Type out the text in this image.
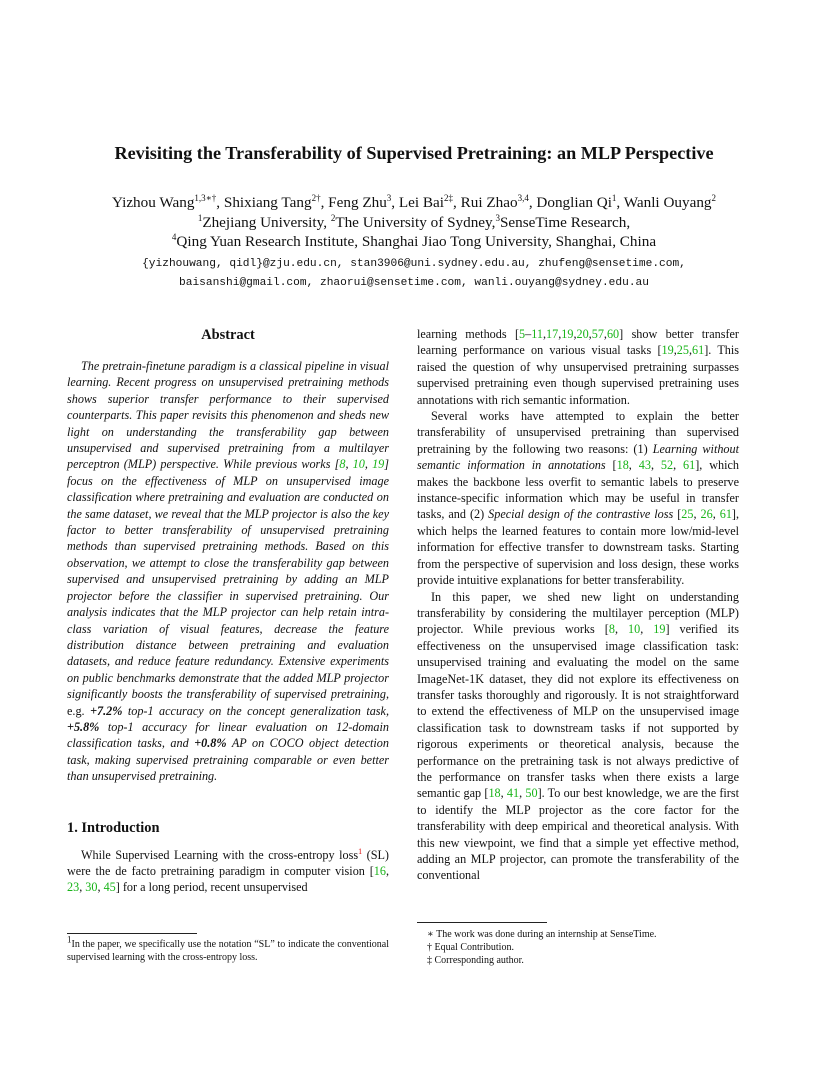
Revisiting the Transferability of Supervised Pretraining: an MLP Perspective
Yizhou Wang$^{1,3∗\dagger}$, Shixiang Tang$^{2\dagger}$, Feng Zhu$^3$, Lei Bai$^{2\ddagger}$, Rui Zhao$^{3,4}$, Donglian Qi$^1$, Wanli Ouyang$^2$
$^1$Zhejiang University, $^2$The University of Sydney,$^3$SenseTime Research,
$^4$Qing Yuan Research Institute, Shanghai Jiao Tong University, Shanghai, China
{yizhouwang, qidl}@zju.edu.cn, stan3906@uni.sydney.edu.au, zhufeng@sensetime.com,
baisanshi@gmail.com, zhaorui@sensetime.com, wanli.ouyang@sydney.edu.au
Abstract

The pretrain-finetune paradigm is a classical pipeline in visual learning. Recent progress on unsupervised pretraining methods shows superior transfer performance to their supervised counterparts. This paper revisits this phenomenon and sheds new light on understanding the transferability gap between unsupervised and supervised pretraining from a multilayer perceptron (MLP) perspective. While previous works [8, 10, 19] focus on the effectiveness of MLP on unsupervised image classification where pretraining and evaluation are conducted on the same dataset, we reveal that the MLP projector is also the key factor to better transferability of unsupervised pretraining methods than supervised pretraining methods. Based on this observation, we attempt to close the transferability gap between supervised and unsupervised pretraining by adding an MLP projector before the classifier in supervised pretraining. Our analysis indicates that the MLP projector can help retain intra-class variation of visual features, decrease the feature distribution distance between pretraining and evaluation datasets, and reduce feature redundancy. Extensive experiments on public benchmarks demonstrate that the added MLP projector significantly boosts the transferability of supervised pretraining, e.g. +7.2% top-1 accuracy on the concept generalization task, +5.8% top-1 accuracy for linear evaluation on 12-domain classification tasks, and +0.8% AP on COCO object detection task, making supervised pretraining comparable or even better than unsupervised pretraining.

1. Introduction

While Supervised Learning with the cross-entropy loss$^1$ (SL) were the de facto pretraining paradigm in computer vision [16, 23, 30, 45] for a long period, recent unsupervised

learning methods [5–11,17,19,20,57,60] show better transfer learning performance on various visual tasks [19,25,61]. This raised the question of why unsupervised pretraining surpasses supervised pretraining even though supervised pretraining uses annotations with rich semantic information.

Several works have attempted to explain the better transferability of unsupervised pretraining than supervised pretraining by the following two reasons: (1) Learning without semantic information in annotations [18, 43, 52, 61], which makes the backbone less overfit to semantic labels to preserve instance-specific information which may be useful in transfer tasks, and (2) Special design of the contrastive loss [25, 26, 61], which helps the learned features to contain more low/mid-level information for effective transfer to downstream tasks. Starting from the perspective of supervision and loss design, these works provide intuitive explanations for better transferability.

In this paper, we shed new light on understanding transferability by considering the multilayer perception (MLP) projector. While previous works [8, 10, 19] verified its effectiveness on the unsupervised image classification task: unsupervised training and evaluating the model on the same ImageNet-1K dataset, they did not explore its effectiveness on transfer tasks thoroughly and rigorously. It is not straightforward to extend the effectiveness of MLP on the unsupervised image classification task to downstream tasks if not supported by rigorous experiments or theoretical analysis, because the performance on the pretraining task is not always predictive of the performance on transfer tasks when there exists a large semantic gap [18, 41, 50]. To our best knowledge, we are the first to identify the MLP projector as the core factor for the transferability with deep empirical and theoretical analysis. With this new viewpoint, we find that a simple yet effective method, adding an MLP projector, can promote the transferability of the conventional

$^1$In the paper, we specifically use the notation “SL” to indicate the conventional supervised learning with the cross-entropy loss.
∗ The work was done during an internship at SenseTime.
† Equal Contribution.
‡ Corresponding author.
